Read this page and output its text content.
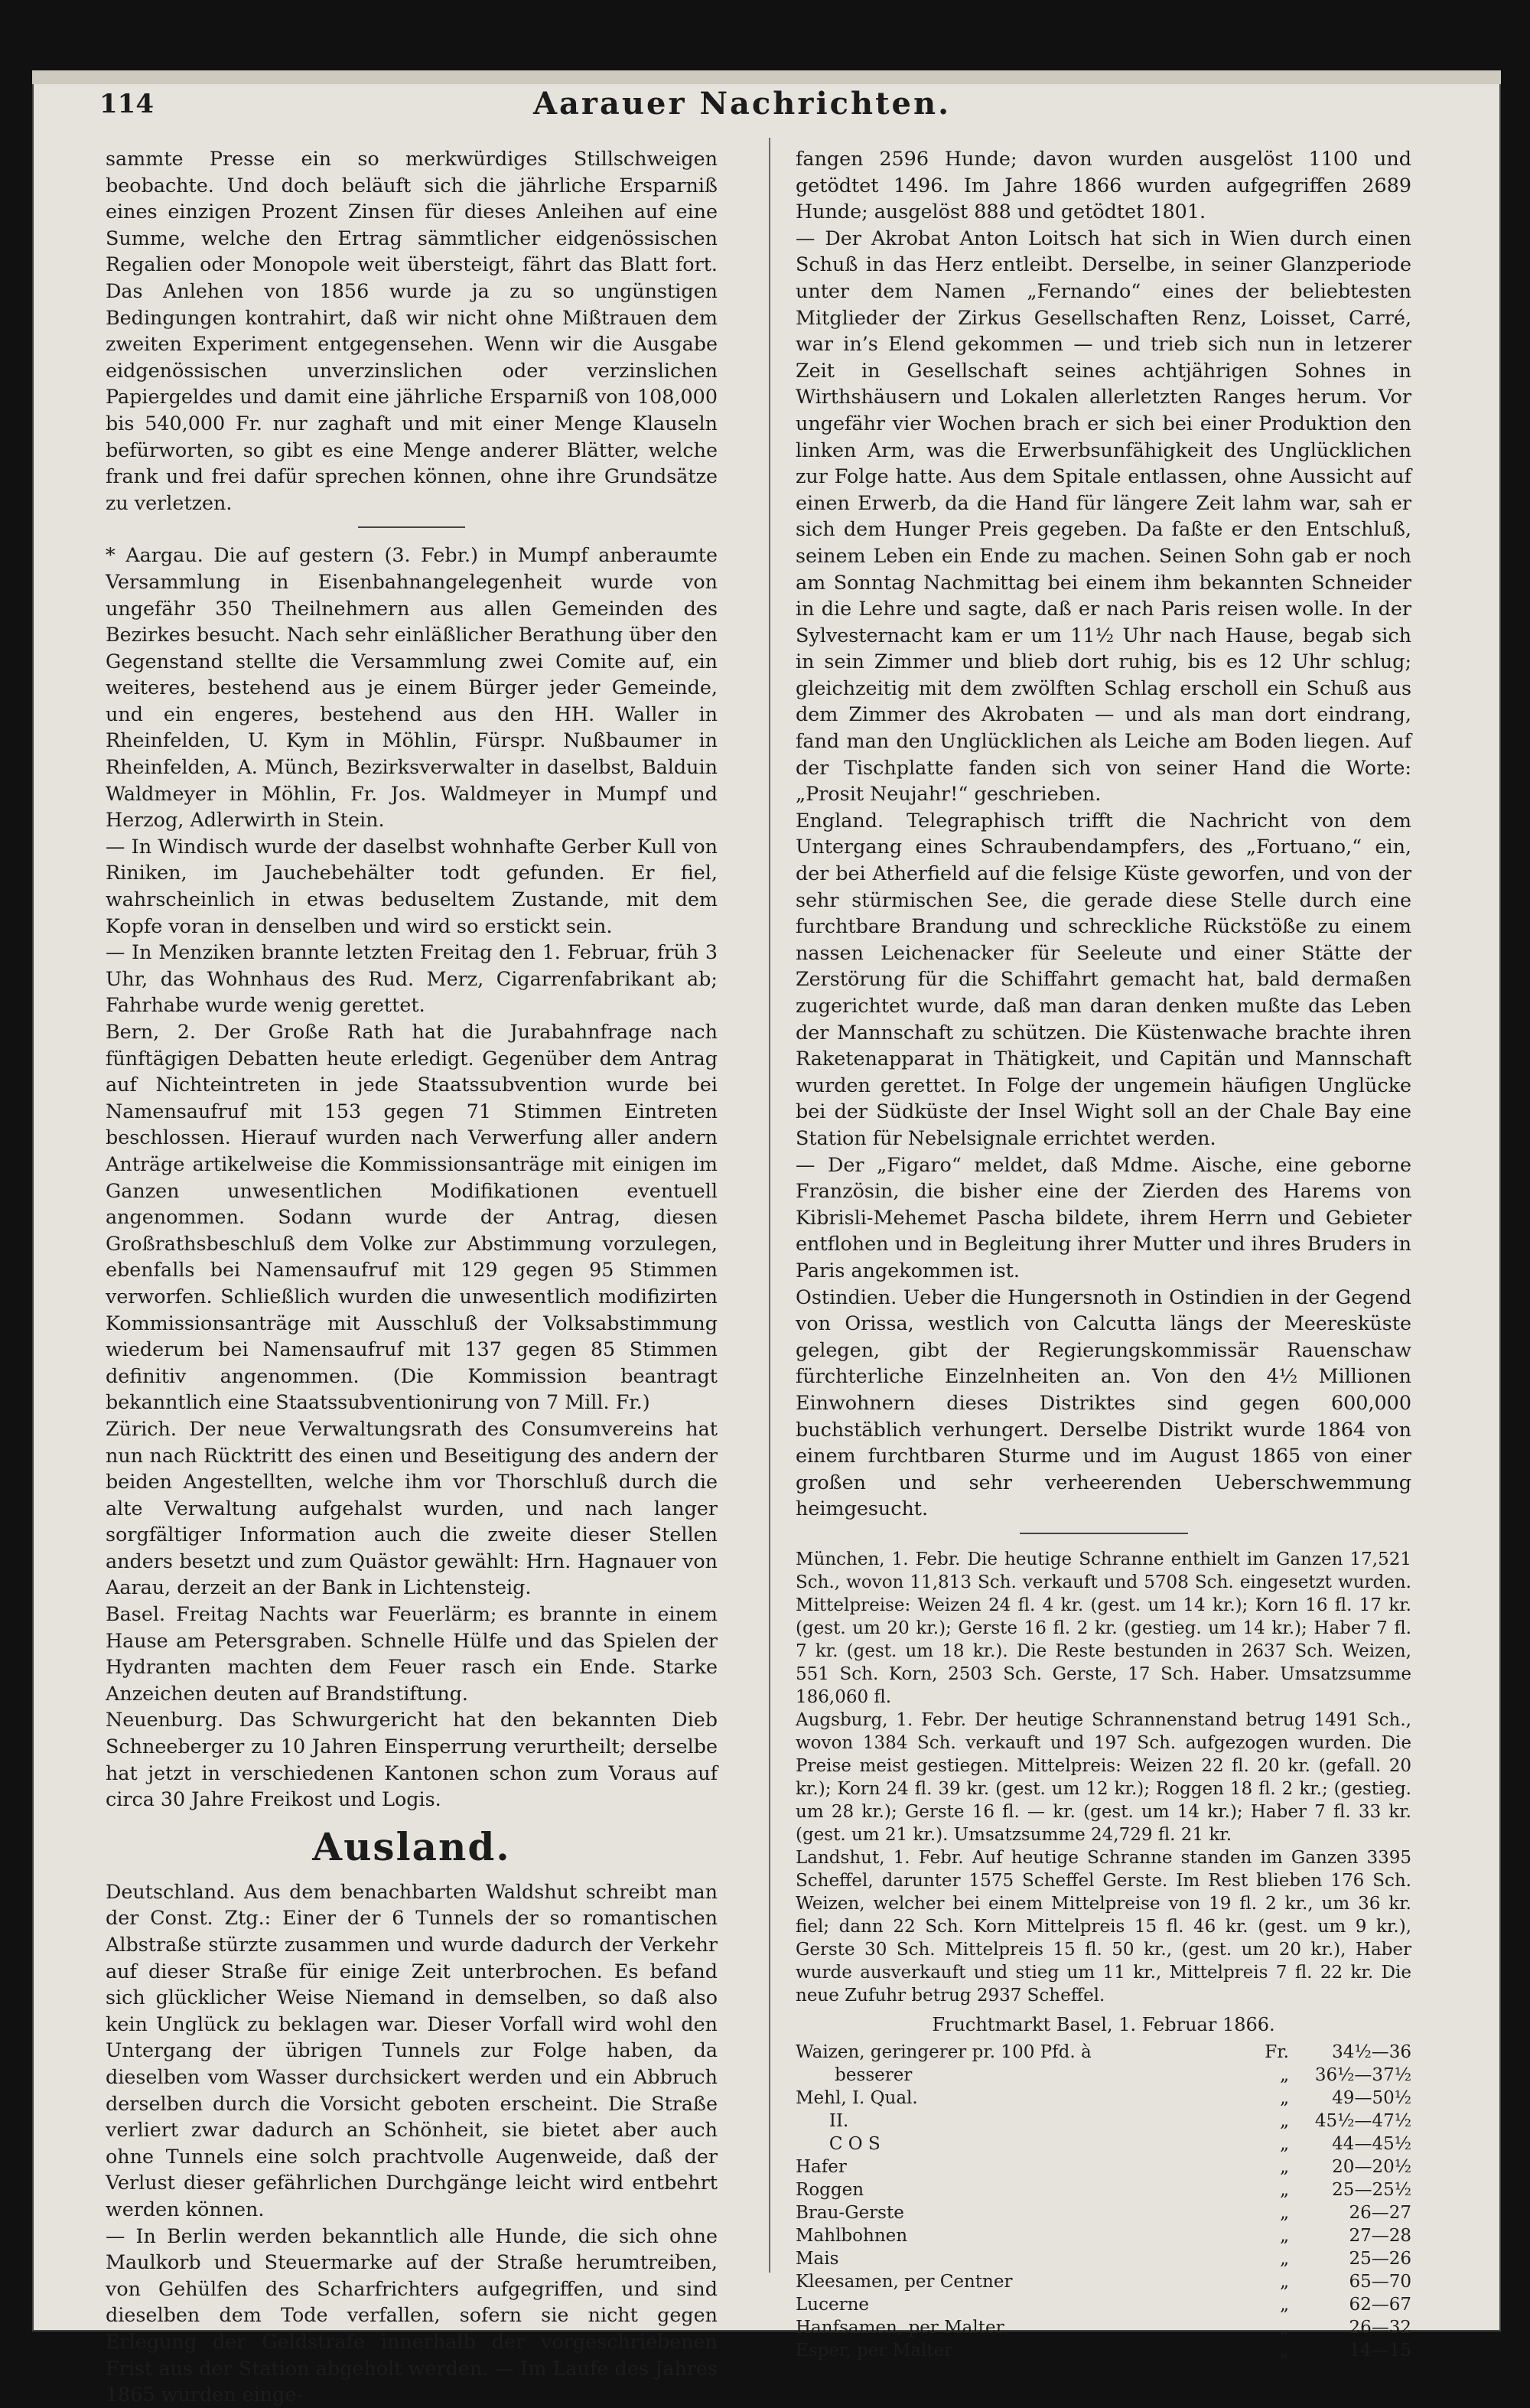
114	Aarauer Nachrichten.

sammte Presse ein so merkwürdiges Stillschweigen beobachte. Und doch beläuft sich die jährliche Ersparniß eines einzigen Prozent Zinsen für dieses Anleihen auf eine Summe, welche den Ertrag sämmtlicher eidgenössischen Regalien oder Monopole weit übersteigt, fährt das Blatt fort. Das Anlehen von 1856 wurde ja zu so ungünstigen Bedingungen kontrahirt, daß wir nicht ohne Mißtrauen dem zweiten Experiment entgegensehen. Wenn wir die Ausgabe eidgenössischen unverzinslichen oder verzinslichen Papiergeldes und damit eine jährliche Ersparniß von 108,000 bis 540,000 Fr. nur zaghaft und mit einer Menge Klauseln befürworten, so gibt es eine Menge anderer Blätter, welche frank und frei dafür sprechen können, ohne ihre Grundsätze zu verletzen.

* Aargau. Die auf gestern (3. Febr.) in Mumpf anberaumte Versammlung in Eisenbahnangelegenheit wurde von ungefähr 350 Theilnehmern aus allen Gemeinden des Bezirkes besucht. Nach sehr einläßlicher Berathung über den Gegenstand stellte die Versammlung zwei Comite auf, ein weiteres, bestehend aus je einem Bürger jeder Gemeinde, und ein engeres, bestehend aus den HH. Waller in Rheinfelden, U. Kym in Möhlin, Fürspr. Nußbaumer in Rheinfelden, A. Münch, Bezirksverwalter in daselbst, Balduin Waldmeyer in Möhlin, Fr. Jos. Waldmeyer in Mumpf und Herzog, Adlerwirth in Stein.

— In Windisch wurde der daselbst wohnhafte Gerber Kull von Riniken, im Jauchebehälter todt gefunden. Er fiel, wahrscheinlich in etwas beduseltem Zustande, mit dem Kopfe voran in denselben und wird so erstickt sein.

— In Menziken brannte letzten Freitag den 1. Februar, früh 3 Uhr, das Wohnhaus des Rud. Merz, Cigarrenfabrikant ab; Fahrhabe wurde wenig gerettet.

Bern, 2. Der Große Rath hat die Jurabahnfrage nach fünftägigen Debatten heute erledigt. Gegenüber dem Antrag auf Nichteintreten in jede Staatssubvention wurde bei Namensaufruf mit 153 gegen 71 Stimmen Eintreten beschlossen. Hierauf wurden nach Verwerfung aller andern Anträge artikelweise die Kommissionsanträge mit einigen im Ganzen unwesentlichen Modifikationen eventuell angenommen. Sodann wurde der Antrag, diesen Großrathsbeschluß dem Volke zur Abstimmung vorzulegen, ebenfalls bei Namensaufruf mit 129 gegen 95 Stimmen verworfen. Schließlich wurden die unwesentlich modifizirten Kommissionsanträge mit Ausschluß der Volksabstimmung wiederum bei Namensaufruf mit 137 gegen 85 Stimmen definitiv angenommen. (Die Kommission beantragt bekanntlich eine Staatssubventionirung von 7 Mill. Fr.)

Zürich. Der neue Verwaltungsrath des Consumvereins hat nun nach Rücktritt des einen und Beseitigung des andern der beiden Angestellten, welche ihm vor Thorschluß durch die alte Verwaltung aufgehalst wurden, und nach langer sorgfältiger Information auch die zweite dieser Stellen anders besetzt und zum Quästor gewählt: Hrn. Hagnauer von Aarau, derzeit an der Bank in Lichtensteig.

Basel. Freitag Nachts war Feuerlärm; es brannte in einem Hause am Petersgraben. Schnelle Hülfe und das Spielen der Hydranten machten dem Feuer rasch ein Ende. Starke Anzeichen deuten auf Brandstiftung.

Neuenburg. Das Schwurgericht hat den bekannten Dieb Schneeberger zu 10 Jahren Einsperrung verurtheilt; derselbe hat jetzt in verschiedenen Kantonen schon zum Voraus auf circa 30 Jahre Freikost und Logis.

Ausland.

Deutschland. Aus dem benachbarten Waldshut schreibt man der Const. Ztg.: Einer der 6 Tunnels der so romantischen Albstraße stürzte zusammen und wurde dadurch der Verkehr auf dieser Straße für einige Zeit unterbrochen. Es befand sich glücklicher Weise Niemand in demselben, so daß also kein Unglück zu beklagen war. Dieser Vorfall wird wohl den Untergang der übrigen Tunnels zur Folge haben, da dieselben vom Wasser durchsickert werden und ein Abbruch derselben durch die Vorsicht geboten erscheint. Die Straße verliert zwar dadurch an Schönheit, sie bietet aber auch ohne Tunnels eine solch prachtvolle Augenweide, daß der Verlust dieser gefährlichen Durchgänge leicht wird entbehrt werden können.

— In Berlin werden bekanntlich alle Hunde, die sich ohne Maulkorb und Steuermarke auf der Straße herumtreiben, von Gehülfen des Scharfrichters aufgegriffen, und sind dieselben dem Tode verfallen, sofern sie nicht gegen Erlegung der Geldstrafe innerhalb der vorgeschriebenen Frist aus der Station abgeholt werden. — Im Laufe des Jahres 1865 wurden einge-

fangen 2596 Hunde; davon wurden ausgelöst 1100 und getödtet 1496. Im Jahre 1866 wurden aufgegriffen 2689 Hunde; ausgelöst 888 und getödtet 1801.

— Der Akrobat Anton Loitsch hat sich in Wien durch einen Schuß in das Herz entleibt. Derselbe, in seiner Glanzperiode unter dem Namen „Fernando“ eines der beliebtesten Mitglieder der Zirkus Gesellschaften Renz, Loisset, Carré, war in’s Elend gekommen — und trieb sich nun in letzerer Zeit in Gesellschaft seines achtjährigen Sohnes in Wirthshäusern und Lokalen allerletzten Ranges herum. Vor ungefähr vier Wochen brach er sich bei einer Produktion den linken Arm, was die Erwerbsunfähigkeit des Unglücklichen zur Folge hatte. Aus dem Spitale entlassen, ohne Aussicht auf einen Erwerb, da die Hand für längere Zeit lahm war, sah er sich dem Hunger Preis gegeben. Da faßte er den Entschluß, seinem Leben ein Ende zu machen. Seinen Sohn gab er noch am Sonntag Nachmittag bei einem ihm bekannten Schneider in die Lehre und sagte, daß er nach Paris reisen wolle. In der Sylvesternacht kam er um 11½ Uhr nach Hause, begab sich in sein Zimmer und blieb dort ruhig, bis es 12 Uhr schlug; gleichzeitig mit dem zwölften Schlag erscholl ein Schuß aus dem Zimmer des Akrobaten — und als man dort eindrang, fand man den Unglücklichen als Leiche am Boden liegen. Auf der Tischplatte fanden sich von seiner Hand die Worte: „Prosit Neujahr!“ geschrieben.

England. Telegraphisch trifft die Nachricht von dem Untergang eines Schraubendampfers, des „Fortuano,“ ein, der bei Atherfield auf die felsige Küste geworfen, und von der sehr stürmischen See, die gerade diese Stelle durch eine furchtbare Brandung und schreckliche Rückstöße zu einem nassen Leichenacker für Seeleute und einer Stätte der Zerstörung für die Schiffahrt gemacht hat, bald dermaßen zugerichtet wurde, daß man daran denken mußte das Leben der Mannschaft zu schützen. Die Küstenwache brachte ihren Raketenapparat in Thätigkeit, und Capitän und Mannschaft wurden gerettet. In Folge der ungemein häufigen Unglücke bei der Südküste der Insel Wight soll an der Chale Bay eine Station für Nebelsignale errichtet werden.

— Der „Figaro“ meldet, daß Mdme. Aische, eine geborne Französin, die bisher eine der Zierden des Harems von Kibrisli-Mehemet Pascha bildete, ihrem Herrn und Gebieter entflohen und in Begleitung ihrer Mutter und ihres Bruders in Paris angekommen ist.

Ostindien. Ueber die Hungersnoth in Ostindien in der Gegend von Orissa, westlich von Calcutta längs der Meeresküste gelegen, gibt der Regierungskommissär Rauenschaw fürchterliche Einzelnheiten an. Von den 4½ Millionen Einwohnern dieses Distriktes sind gegen 600,000 buchstäblich verhungert. Derselbe Distrikt wurde 1864 von einem furchtbaren Sturme und im August 1865 von einer großen und sehr verheerenden Ueberschwemmung heimgesucht.

München, 1. Febr. Die heutige Schranne enthielt im Ganzen 17,521 Sch., wovon 11,813 Sch. verkauft und 5708 Sch. eingesetzt wurden. Mittelpreise: Weizen 24 fl. 4 kr. (gest. um 14 kr.); Korn 16 fl. 17 kr. (gest. um 20 kr.); Gerste 16 fl. 2 kr. (gestieg. um 14 kr.); Haber 7 fl. 7 kr. (gest. um 18 kr.). Die Reste bestunden in 2637 Sch. Weizen, 551 Sch. Korn, 2503 Sch. Gerste, 17 Sch. Haber. Umsatzsumme 186,060 fl.

Augsburg, 1. Febr. Der heutige Schrannenstand betrug 1491 Sch., wovon 1384 Sch. verkauft und 197 Sch. aufgezogen wurden. Die Preise meist gestiegen. Mittelpreis: Weizen 22 fl. 20 kr. (gefall. 20 kr.); Korn 24 fl. 39 kr. (gest. um 12 kr.); Roggen 18 fl. 2 kr.; (gestieg. um 28 kr.); Gerste 16 fl. — kr. (gest. um 14 kr.); Haber 7 fl. 33 kr. (gest. um 21 kr.). Umsatzsumme 24,729 fl. 21 kr.

Landshut, 1. Febr. Auf heutige Schranne standen im Ganzen 3395 Scheffel, darunter 1575 Scheffel Gerste. Im Rest blieben 176 Sch. Weizen, welcher bei einem Mittelpreise von 19 fl. 2 kr., um 36 kr. fiel; dann 22 Sch. Korn Mittelpreis 15 fl. 46 kr. (gest. um 9 kr.), Gerste 30 Sch. Mittelpreis 15 fl. 50 kr., (gest. um 20 kr.), Haber wurde ausverkauft und stieg um 11 kr., Mittelpreis 7 fl. 22 kr. Die neue Zufuhr betrug 2937 Scheffel.

Fruchtmarkt Basel, 1. Februar 1866.
Waizen, geringerer pr. 100 Pfd. à	Fr.	34½—36
besserer	„	36½—37½
Mehl, I. Qual.	„	49—50½
II.	„	45½—47½
C O S	„	44—45½
Hafer	„	20—20½
Roggen	„	25—25½
Brau-Gerste	„	26—27
Mahlbohnen	„	27—28
Mais	„	25—26
Kleesamen, per Centner	„	65—70
Lucerne	„	62—67
Hanfsamen, per Malter	„	26—32
Esper, per Malter	„	14—15
